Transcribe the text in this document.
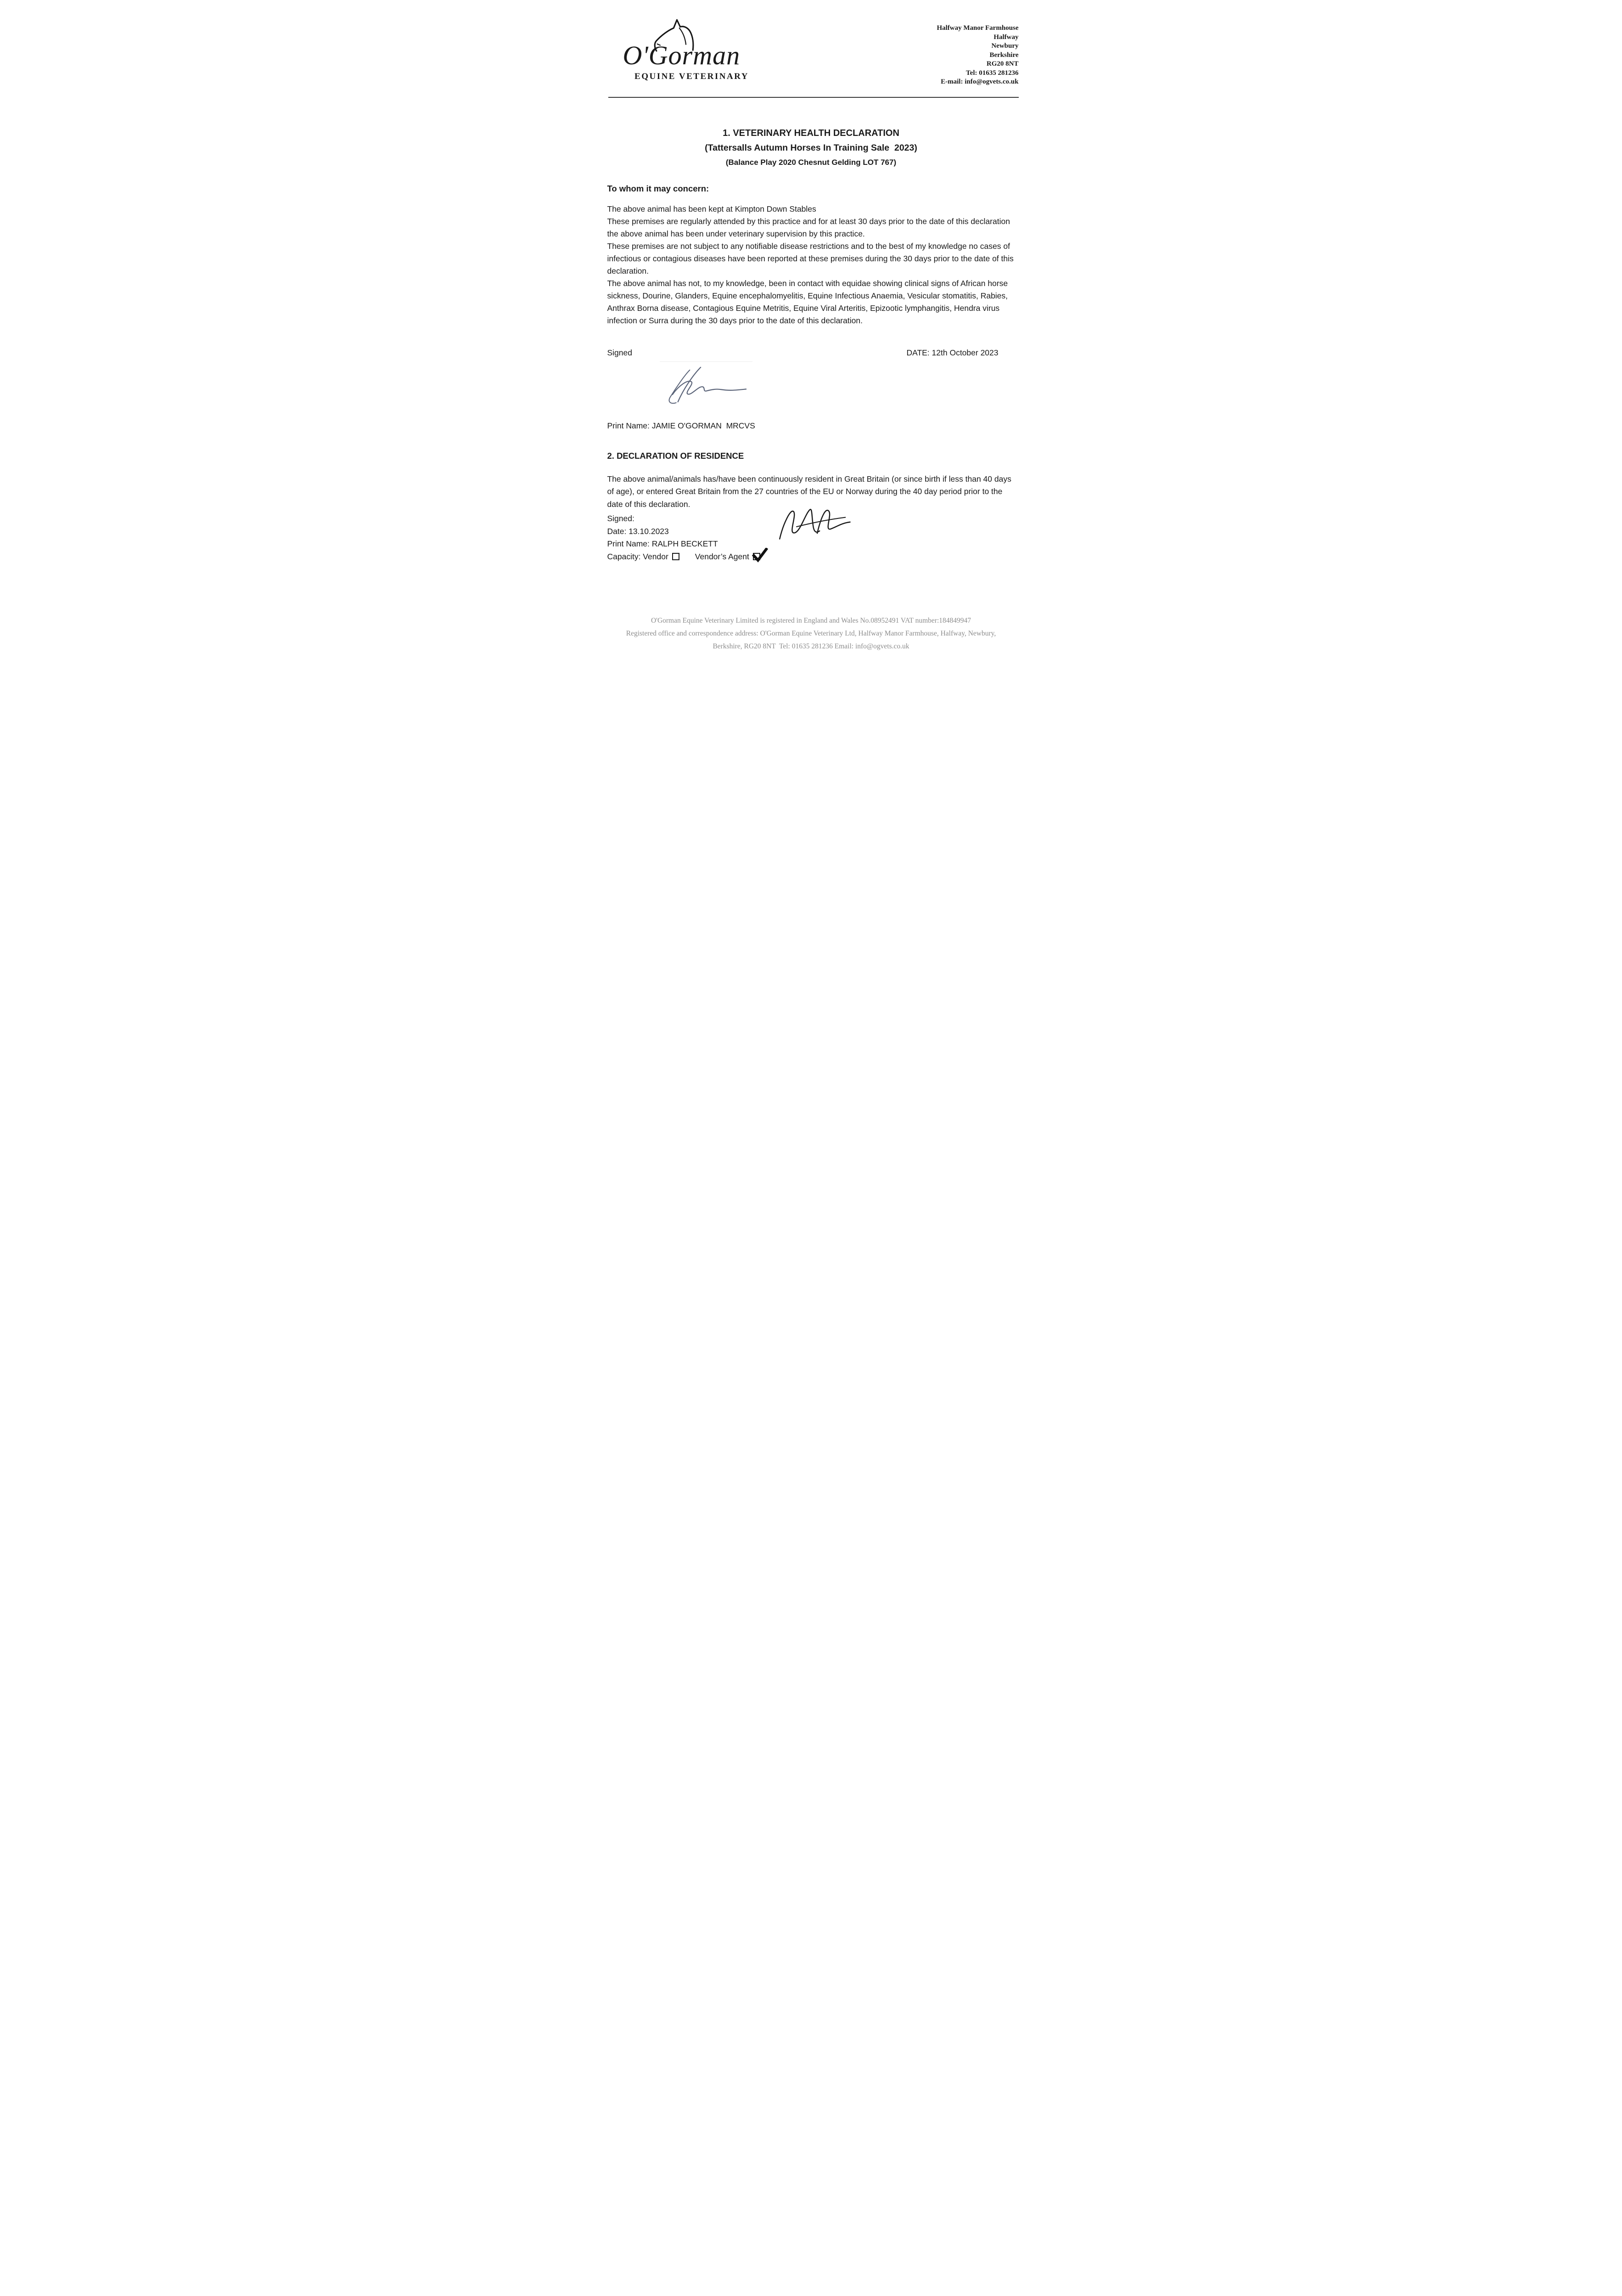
O'Gorman
EQUINE VETERINARY
Halfway Manor Farmhouse
Halfway
Newbury
Berkshire
RG20 8NT
Tel: 01635 281236
E-mail: info@ogvets.co.uk
1. VETERINARY HEALTH DECLARATION
(Tattersalls Autumn Horses In Training Sale  2023)
(Balance Play 2020 Chesnut Gelding LOT 767)
To whom it may concern:
The above animal has been kept at Kimpton Down Stables
These premises are regularly attended by this practice and for at least 30 days prior to the date of this declaration the above animal has been under veterinary supervision by this practice.
These premises are not subject to any notifiable disease restrictions and to the best of my knowledge no cases of infectious or contagious diseases have been reported at these premises during the 30 days prior to the date of this declaration.
The above animal has not, to my knowledge, been in contact with equidae showing clinical signs of African horse sickness, Dourine, Glanders, Equine encephalomyelitis, Equine Infectious Anaemia, Vesicular stomatitis, Rabies, Anthrax Borna disease, Contagious Equine Metritis, Equine Viral Arteritis, Epizootic lymphangitis, Hendra virus infection or Surra during the 30 days prior to the date of this declaration.
Signed	DATE: 12th October 2023
Print Name: JAMIE O'GORMAN  MRCVS
2. DECLARATION OF RESIDENCE
The above animal/animals has/have been continuously resident in Great Britain (or since birth if less than 40 days of age), or entered Great Britain from the 27 countries of the EU or Norway during the 40 day period prior to the date of this declaration.
Signed:
Date: 13.10.2023
Print Name: RALPH BECKETT
Capacity: Vendor	Vendor’s Agent
O'Gorman Equine Veterinary Limited is registered in England and Wales No.08952491 VAT number:184849947
Registered office and correspondence address: O'Gorman Equine Veterinary Ltd, Halfway Manor Farmhouse, Halfway, Newbury,
Berkshire, RG20 8NT  Tel: 01635 281236 Email: info@ogvets.co.uk
